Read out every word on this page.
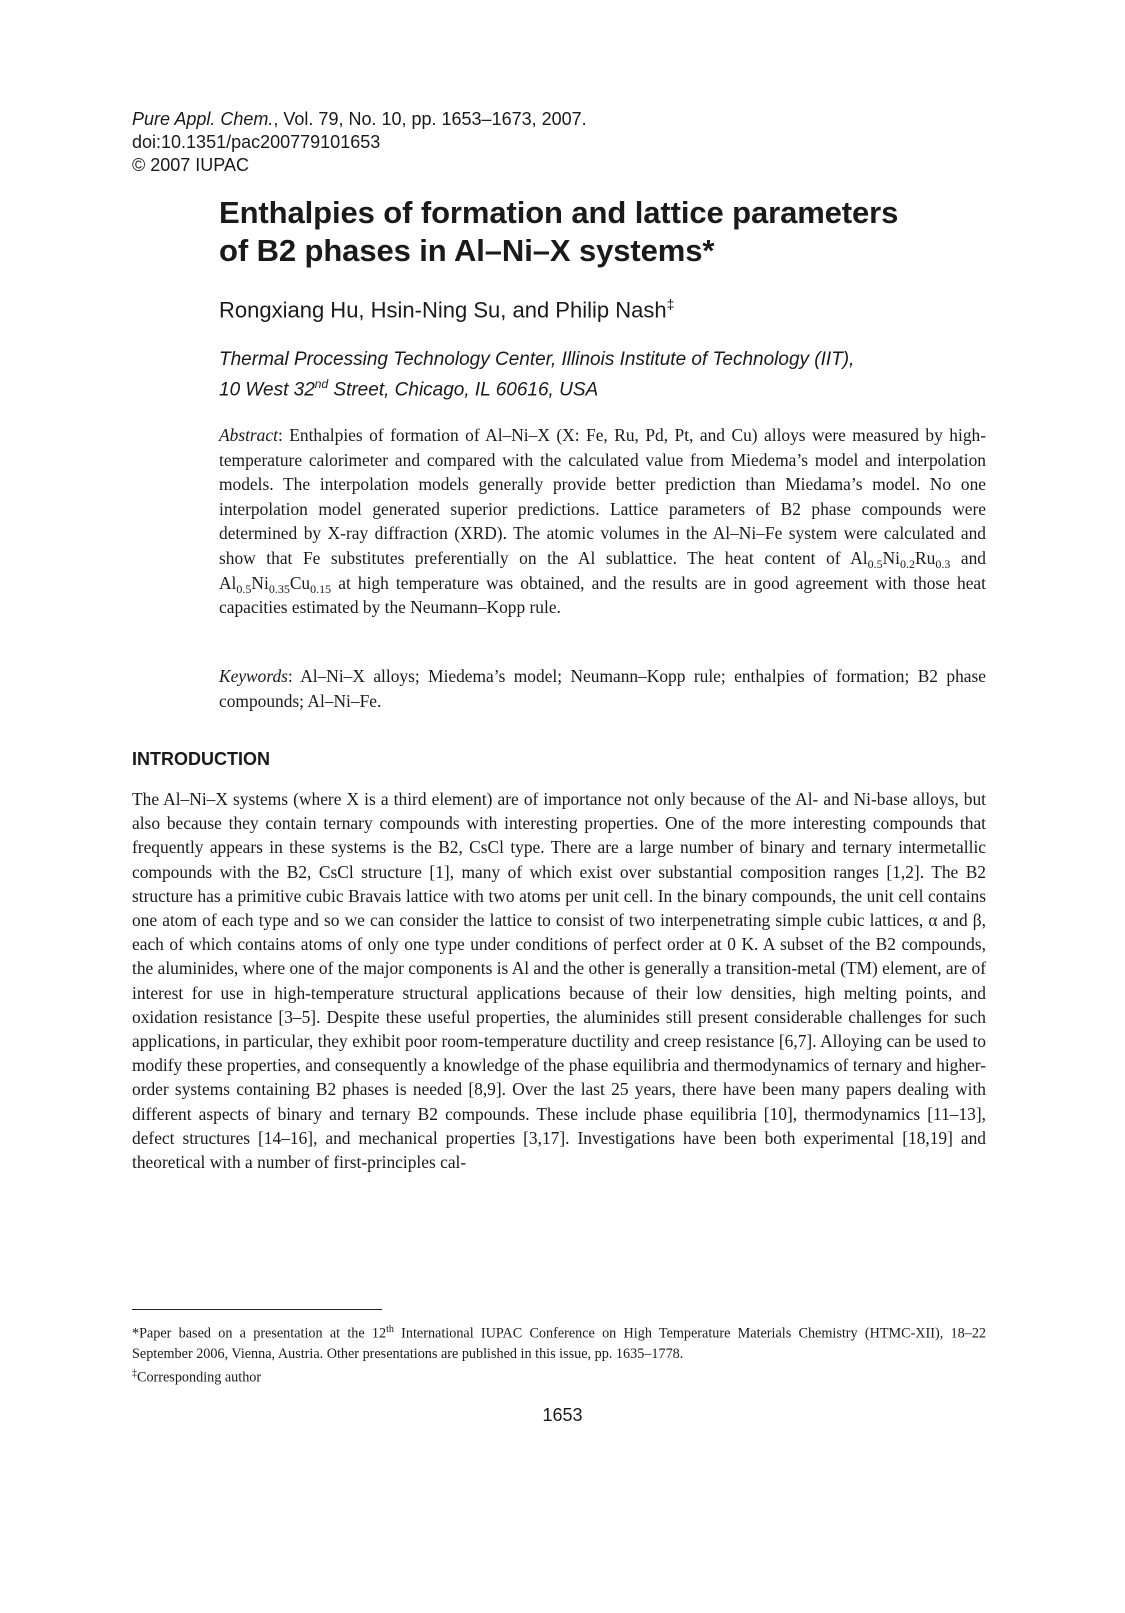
Pure Appl. Chem., Vol. 79, No. 10, pp. 1653–1673, 2007.
doi:10.1351/pac200779101653
© 2007 IUPAC
Enthalpies of formation and lattice parameters
of B2 phases in Al–Ni–X systems*
Rongxiang Hu, Hsin-Ning Su, and Philip Nash‡
Thermal Processing Technology Center, Illinois Institute of Technology (IIT),
10 West 32nd Street, Chicago, IL 60616, USA

Abstract: Enthalpies of formation of Al–Ni–X (X: Fe, Ru, Pd, Pt, and Cu) alloys were measured by high-temperature calorimeter and compared with the calculated value from Miedema’s model and interpolation models. The interpolation models generally provide better prediction than Miedama’s model. No one interpolation model generated superior predictions. Lattice parameters of B2 phase compounds were determined by X-ray diffraction (XRD). The atomic volumes in the Al–Ni–Fe system were calculated and show that Fe substitutes preferentially on the Al sublattice. The heat content of $Al_{0.5}Ni_{0.2}Ru_{0.3}$ and $Al_{0.5}Ni_{0.35}Cu_{0.15}$ at high temperature was obtained, and the results are in good agreement with those heat capacities estimated by the Neumann–Kopp rule.

Keywords: Al–Ni–X alloys; Miedema’s model; Neumann–Kopp rule; enthalpies of formation; B2 phase compounds; Al–Ni–Fe.

INTRODUCTION

The Al–Ni–X systems (where X is a third element) are of importance not only because of the Al- and Ni-base alloys, but also because they contain ternary compounds with interesting properties. One of the more interesting compounds that frequently appears in these systems is the B2, CsCl type. There are a large number of binary and ternary intermetallic compounds with the B2, CsCl structure [1], many of which exist over substantial composition ranges [1,2]. The B2 structure has a primitive cubic Bravais lattice with two atoms per unit cell. In the binary compounds, the unit cell contains one atom of each type and so we can consider the lattice to consist of two interpenetrating simple cubic lattices, α and β, each of which contains atoms of only one type under conditions of perfect order at 0 K. A subset of the B2 compounds, the aluminides, where one of the major components is Al and the other is generally a transition-metal (TM) element, are of interest for use in high-temperature structural applications because of their low densities, high melting points, and oxidation resistance [3–5]. Despite these useful properties, the aluminides still present considerable challenges for such applications, in particular, they exhibit poor room-temperature ductility and creep resistance [6,7]. Alloying can be used to modify these properties, and consequently a knowledge of the phase equilibria and thermodynamics of ternary and higher-order systems containing B2 phases is needed [8,9]. Over the last 25 years, there have been many papers dealing with different aspects of binary and ternary B2 compounds. These include phase equilibria [10], thermodynamics [11–13], defect structures [14–16], and mechanical properties [3,17]. Investigations have been both experimental [18,19] and theoretical with a number of first-principles cal-

*Paper based on a presentation at the 12th International IUPAC Conference on High Temperature Materials Chemistry (HTMC-XII), 18–22 September 2006, Vienna, Austria. Other presentations are published in this issue, pp. 1635–1778.

‡Corresponding author

1653
